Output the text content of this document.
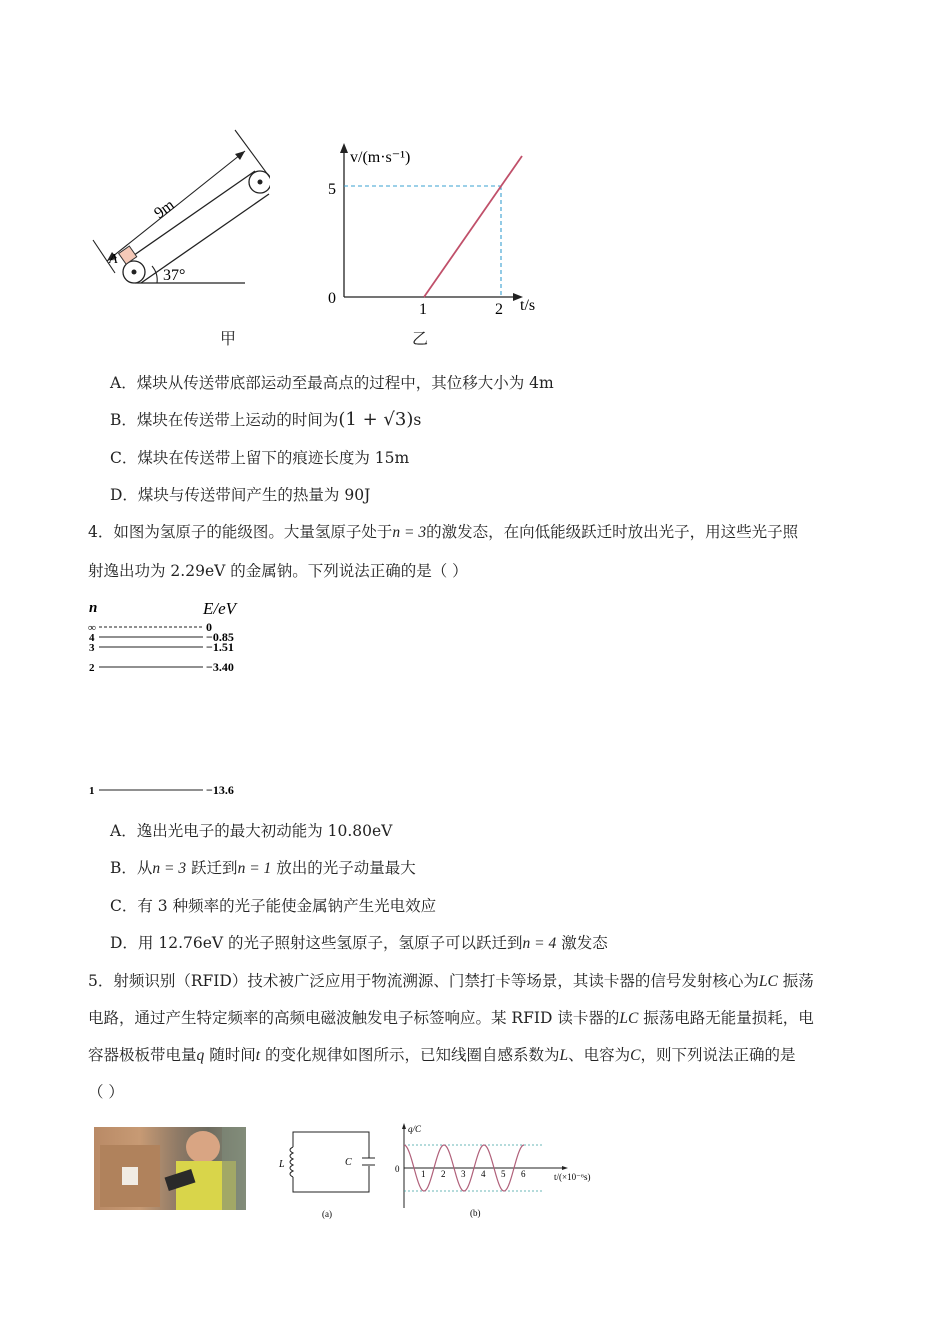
9m
A
37°
甲
v/(m·s⁻¹)
t/s
0
5
1	2
乙
A．煤块从传送带底部运动至最高点的过程中，其位移大小为 4m
B．煤块在传送带上运动的时间为(1 + √3)s
C．煤块在传送带上留下的痕迹长度为 15m
D．煤块与传送带间产生的热量为 90J
4．如图为氢原子的能级图。大量氢原子处于n = 3的激发态，在向低能级跃迁时放出光子，用这些光子照
射逸出功为 2.29eV 的金属钠。下列说法正确的是（ ）
n	E/eV
∞	0
4	−0.85
3	−1.51
2	−3.40
1	−13.6
A．逸出光电子的最大初动能为 10.80eV
B．从n = 3 跃迁到n = 1 放出的光子动量最大
C．有 3 种频率的光子能使金属钠产生光电效应
D．用 12.76eV 的光子照射这些氢原子，氢原子可以跃迁到n = 4 激发态
5．射频识别（RFID）技术被广泛应用于物流溯源、门禁打卡等场景，其读卡器的信号发射核心为LC 振荡
电路，通过产生特定频率的高频电磁波触发电子标签响应。某 RFID 读卡器的LC 振荡电路无能量损耗，电
容器极板带电量q 随时间t 的变化规律如图所示，已知线圈自感系数为L、电容为C，则下列说法正确的是
（ ）
L	C
(a)
q/C
t/(×10⁻⁶s)
0 1 2 3 4 5 6
(b)
